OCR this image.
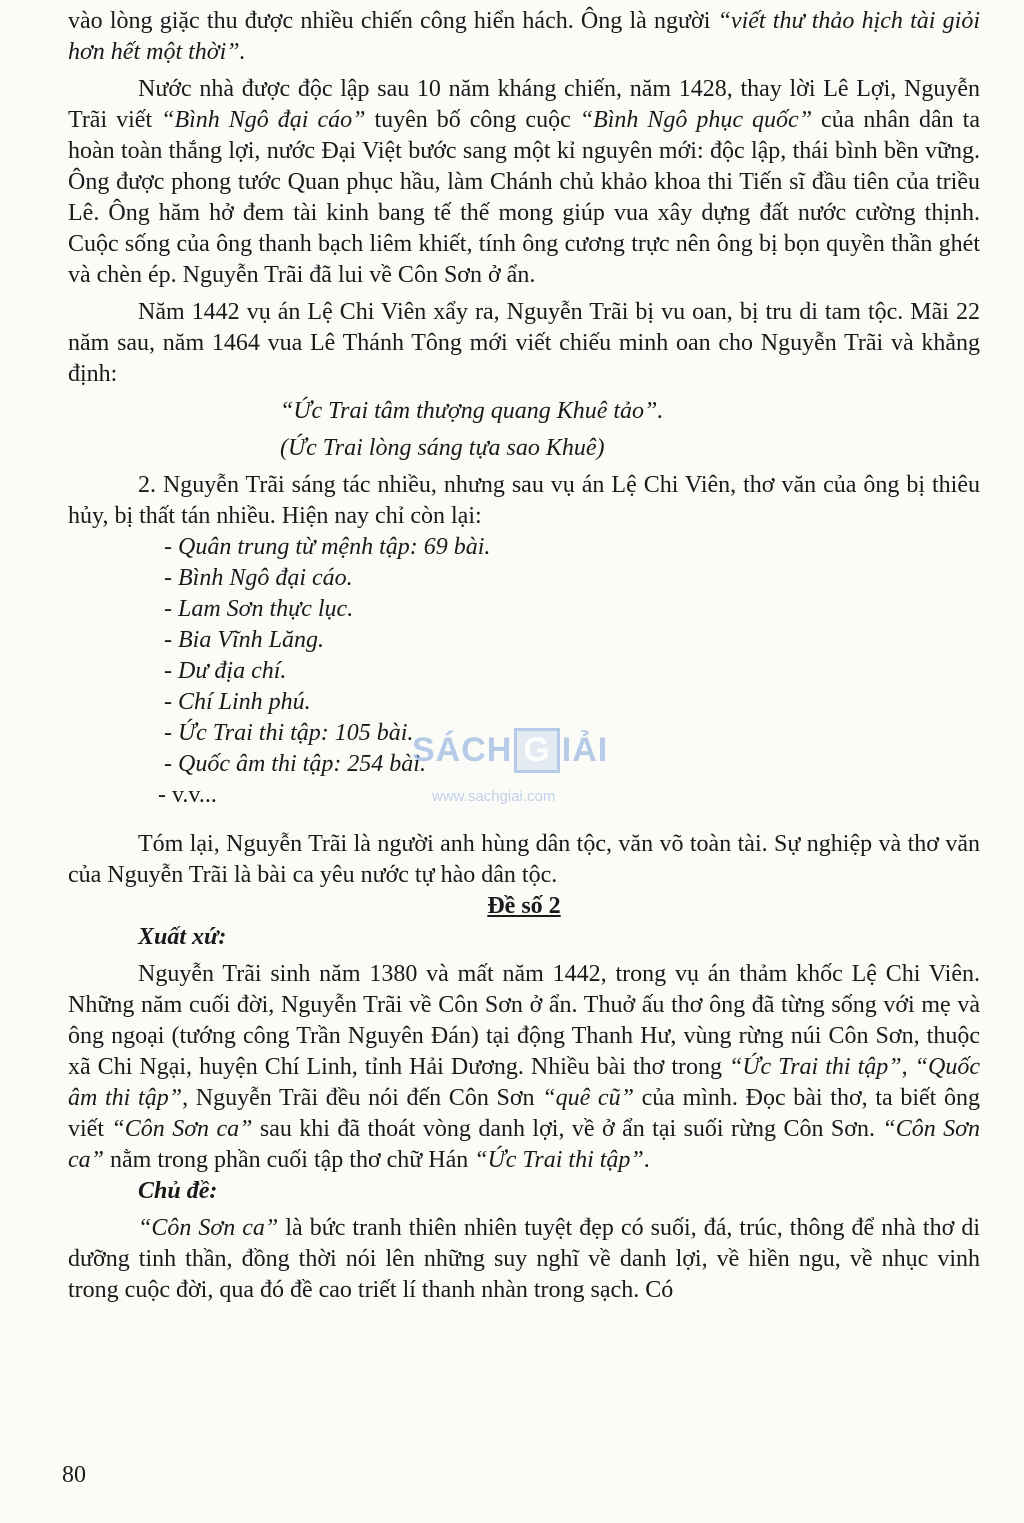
vào lòng giặc thu được nhiều chiến công hiển hách. Ông là người “viết thư thảo hịch tài giỏi hơn hết một thời”.

Nước nhà được độc lập sau 10 năm kháng chiến, năm 1428, thay lời Lê Lợi, Nguyễn Trãi viết “Bình Ngô đại cáo” tuyên bố công cuộc “Bình Ngô phục quốc” của nhân dân ta hoàn toàn thắng lợi, nước Đại Việt bước sang một kỉ nguyên mới: độc lập, thái bình bền vững. Ông được phong tước Quan phục hầu, làm Chánh chủ khảo khoa thi Tiến sĩ đầu tiên của triều Lê. Ông hăm hở đem tài kinh bang tế thế mong giúp vua xây dựng đất nước cường thịnh. Cuộc sống của ông thanh bạch liêm khiết, tính ông cương trực nên ông bị bọn quyền thần ghét và chèn ép. Nguyễn Trãi đã lui về Côn Sơn ở ẩn.

Năm 1442 vụ án Lệ Chi Viên xẩy ra, Nguyễn Trãi bị vu oan, bị tru di tam tộc. Mãi 22 năm sau, năm 1464 vua Lê Thánh Tông mới viết chiếu minh oan cho Nguyễn Trãi và khẳng định:

“Ức Trai tâm thượng quang Khuê tảo”.

(Ức Trai lòng sáng tựa sao Khuê)

2. Nguyễn Trãi sáng tác nhiều, nhưng sau vụ án Lệ Chi Viên, thơ văn của ông bị thiêu hủy, bị thất tán nhiều. Hiện nay chỉ còn lại:

- Quân trung từ mệnh tập: 69 bài.
- Bình Ngô đại cáo.
- Lam Sơn thực lục.
- Bia Vĩnh Lăng.
- Dư địa chí.
- Chí Linh phú.
- Ức Trai thi tập: 105 bài.
- Quốc âm thi tập: 254 bài.

- v.v...

Tóm lại, Nguyễn Trãi là người anh hùng dân tộc, văn võ toàn tài. Sự nghiệp và thơ văn của Nguyễn Trãi là bài ca yêu nước tự hào dân tộc.

Đề số 2

Xuất xứ:

Nguyễn Trãi sinh năm 1380 và mất năm 1442, trong vụ án thảm khốc Lệ Chi Viên. Những năm cuối đời, Nguyễn Trãi về Côn Sơn ở ẩn. Thuở ấu thơ ông đã từng sống với mẹ và ông ngoại (tướng công Trần Nguyên Đán) tại động Thanh Hư, vùng rừng núi Côn Sơn, thuộc xã Chi Ngại, huyện Chí Linh, tỉnh Hải Dương. Nhiều bài thơ trong “Ức Trai thi tập”, “Quốc âm thi tập”, Nguyễn Trãi đều nói đến Côn Sơn “quê cũ” của mình. Đọc bài thơ, ta biết ông viết “Côn Sơn ca” sau khi đã thoát vòng danh lợi, về ở ẩn tại suối rừng Côn Sơn. “Côn Sơn ca” nằm trong phần cuối tập thơ chữ Hán “Ức Trai thi tập”.

Chủ đề:

“Côn Sơn ca” là bức tranh thiên nhiên tuyệt đẹp có suối, đá, trúc, thông để nhà thơ di dưỡng tinh thần, đồng thời nói lên những suy nghĩ về danh lợi, về hiền ngu, về nhục vinh trong cuộc đời, qua đó đề cao triết lí thanh nhàn trong sạch. Có

SÁCH G IẢI
www.sachgiai.com
80
